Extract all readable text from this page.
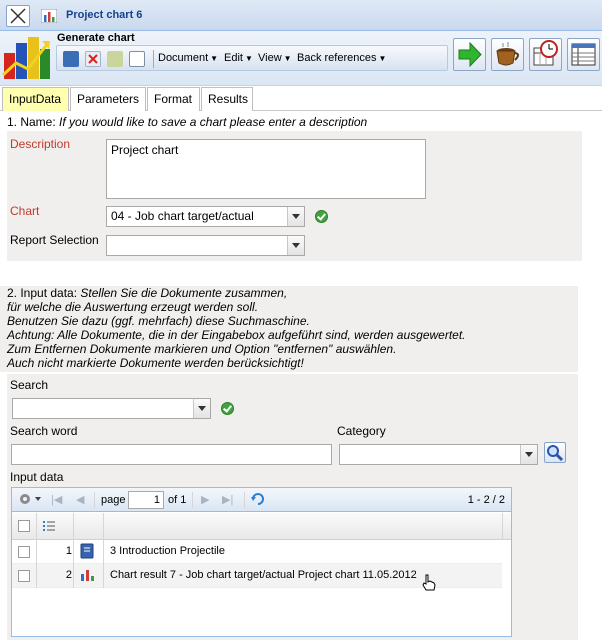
Project chart 6
Generate chart
Document ▼ Edit ▼ View ▼ Back references ▼
InputData	Parameters	Format	Results
1. Name: If you would like to save a chart please enter a description
Description	Project chart
Chart	04 - Job chart target/actual
Report Selection
2. Input data: Stellen Sie die Dokumente zusammen,
für welche die Auswertung erzeugt werden soll.
Benutzen Sie dazu (ggf. mehrfach) diese Suchmaschine.
Achtung: Alle Dokumente, die in der Eingabebox aufgeführt sind, werden ausgewertet.
Zum Entfernen Dokumente markieren und Option "entfernen" auswählen.
Auch nicht markierte Dokumente werden berücksichtigt!
Search
Search word	Category
Input data
|◀ ◀ page	1 of 1 ▶ ▶|	1 - 2 / 2
1	3 Introduction Projectile
2	Chart result 7 - Job chart target/actual Project chart 11.05.2012
